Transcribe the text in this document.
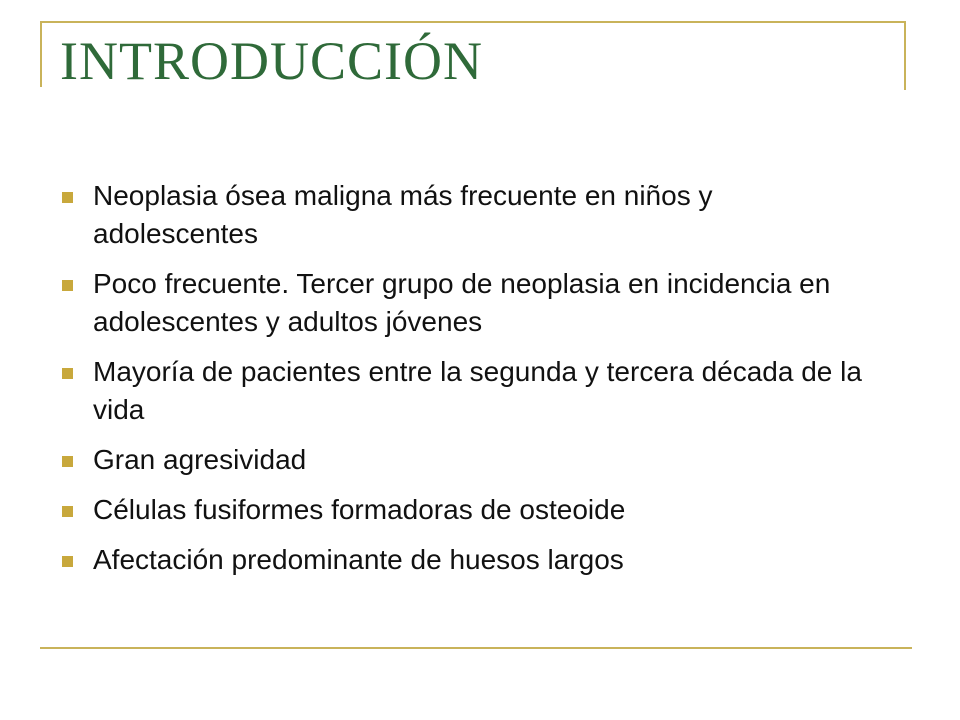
INTRODUCCIÓN
Neoplasia ósea maligna más frecuente en niños y adolescentes
Poco frecuente. Tercer grupo de neoplasia en incidencia en adolescentes y adultos jóvenes
Mayoría de pacientes entre la segunda y tercera década de la vida
Gran agresividad
Células fusiformes formadoras de osteoide
Afectación predominante de huesos largos
